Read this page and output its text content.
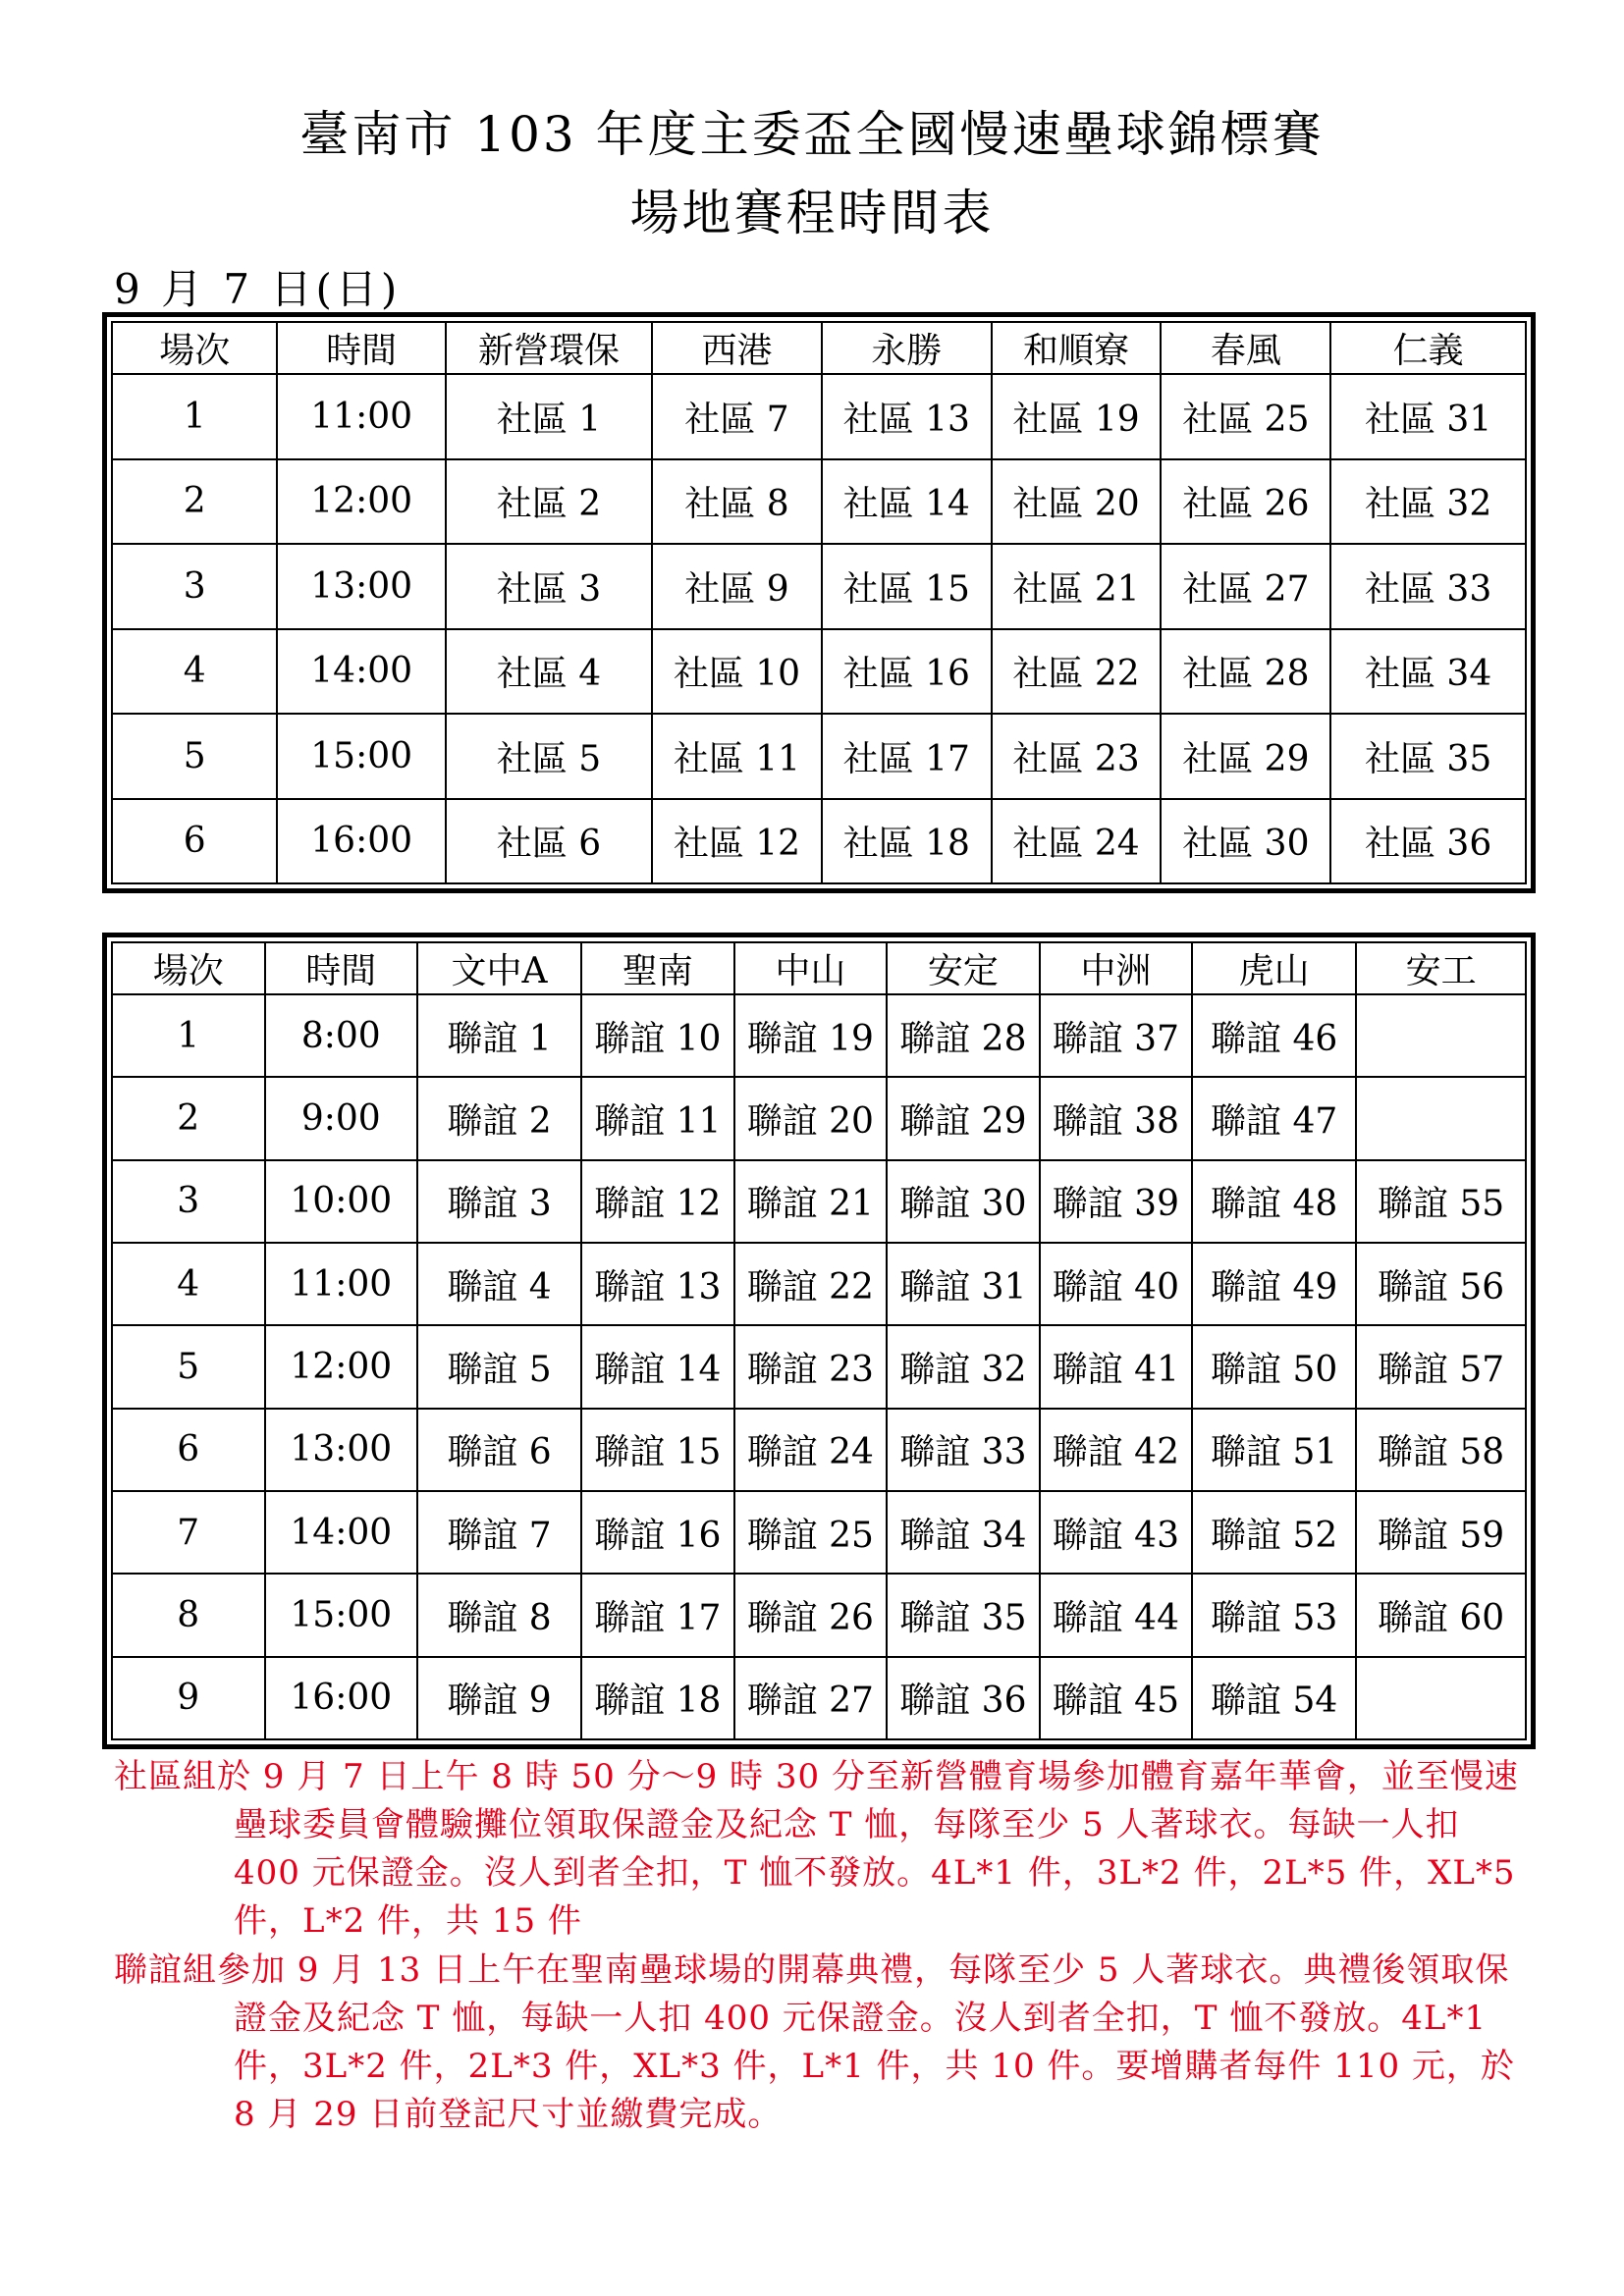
臺南市 103 年度主委盃全國慢速壘球錦標賽
場地賽程時間表
9 月 7 日(日)
場次	時間	新營環保	西港	永勝	和順寮	春風	仁義
1	11:00	社區 1	社區 7	社區 13	社區 19	社區 25	社區 31
2	12:00	社區 2	社區 8	社區 14	社區 20	社區 26	社區 32
3	13:00	社區 3	社區 9	社區 15	社區 21	社區 27	社區 33
4	14:00	社區 4	社區 10	社區 16	社區 22	社區 28	社區 34
5	15:00	社區 5	社區 11	社區 17	社區 23	社區 29	社區 35
6	16:00	社區 6	社區 12	社區 18	社區 24	社區 30	社區 36
場次	時間	文中A	聖南	中山	安定	中洲	虎山	安工
1	8:00	聯誼 1	聯誼 10	聯誼 19	聯誼 28	聯誼 37	聯誼 46	
2	9:00	聯誼 2	聯誼 11	聯誼 20	聯誼 29	聯誼 38	聯誼 47	
3	10:00	聯誼 3	聯誼 12	聯誼 21	聯誼 30	聯誼 39	聯誼 48	聯誼 55
4	11:00	聯誼 4	聯誼 13	聯誼 22	聯誼 31	聯誼 40	聯誼 49	聯誼 56
5	12:00	聯誼 5	聯誼 14	聯誼 23	聯誼 32	聯誼 41	聯誼 50	聯誼 57
6	13:00	聯誼 6	聯誼 15	聯誼 24	聯誼 33	聯誼 42	聯誼 51	聯誼 58
7	14:00	聯誼 7	聯誼 16	聯誼 25	聯誼 34	聯誼 43	聯誼 52	聯誼 59
8	15:00	聯誼 8	聯誼 17	聯誼 26	聯誼 35	聯誼 44	聯誼 53	聯誼 60
9	16:00	聯誼 9	聯誼 18	聯誼 27	聯誼 36	聯誼 45	聯誼 54	

社區組於 9 月 7 日上午 8 時 50 分～9 時 30 分至新營體育場參加體育嘉年華會，並至慢速壘球委員會體驗攤位領取保證金及紀念 T 恤，每隊至少 5 人著球衣。每缺一人扣 400 元保證金。沒人到者全扣，T 恤不發放。4L*1 件，3L*2 件，2L*5 件，XL*5 件，L*2 件，共 15 件

聯誼組參加 9 月 13 日上午在聖南壘球場的開幕典禮，每隊至少 5 人著球衣。典禮後領取保證金及紀念 T 恤，每缺一人扣 400 元保證金。沒人到者全扣，T 恤不發放。4L*1 件，3L*2 件，2L*3 件，XL*3 件，L*1 件，共 10 件。要增購者每件 110 元，於 8 月 29 日前登記尺寸並繳費完成。
